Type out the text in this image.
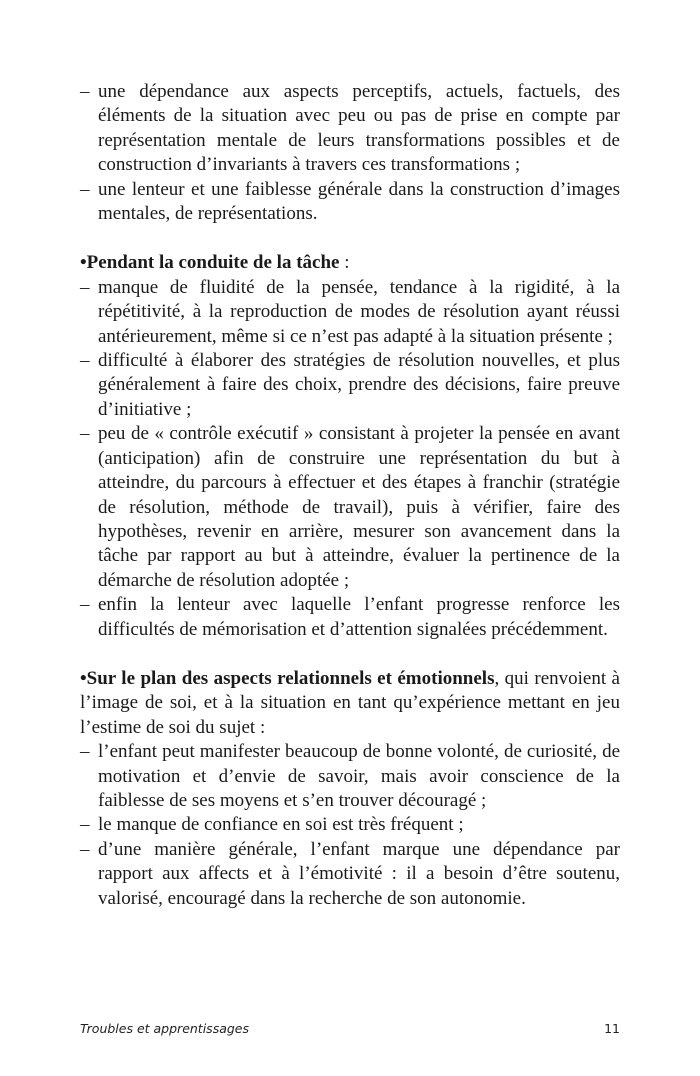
– une dépendance aux aspects perceptifs, actuels, factuels, des éléments de la situation avec peu ou pas de prise en compte par représentation mentale de leurs transformations possibles et de construction d’invariants à travers ces transformations ;
– une lenteur et une faiblesse générale dans la construction d’images mentales, de représentations.

•Pendant la conduite de la tâche :

– manque de fluidité de la pensée, tendance à la rigidité, à la répétitivité, à la reproduction de modes de résolution ayant réussi antérieurement, même si ce n’est pas adapté à la situation présente ;
– difficulté à élaborer des stratégies de résolution nouvelles, et plus généralement à faire des choix, prendre des décisions, faire preuve d’initiative ;
– peu de « contrôle exécutif » consistant à projeter la pensée en avant (anticipation) afin de construire une représentation du but à atteindre, du parcours à effectuer et des étapes à franchir (stratégie de résolution, méthode de travail), puis à vérifier, faire des hypothèses, revenir en arrière, mesurer son avancement dans la tâche par rapport au but à atteindre, évaluer la pertinence de la démarche de résolution adoptée ;
– enfin la lenteur avec laquelle l’enfant progresse renforce les difficultés de mémorisation et d’attention signalées précédemment.

•Sur le plan des aspects relationnels et émotionnels, qui renvoient à l’image de soi, et à la situation en tant qu’expérience mettant en jeu l’estime de soi du sujet :

– l’enfant peut manifester beaucoup de bonne volonté, de curiosité, de motivation et d’envie de savoir, mais avoir conscience de la faiblesse de ses moyens et s’en trouver découragé ;
– le manque de confiance en soi est très fréquent ;
– d’une manière générale, l’enfant marque une dépendance par rapport aux affects et à l’émotivité : il a besoin d’être soutenu, valorisé, encouragé dans la recherche de son autonomie.
Troubles et apprentissages	11
